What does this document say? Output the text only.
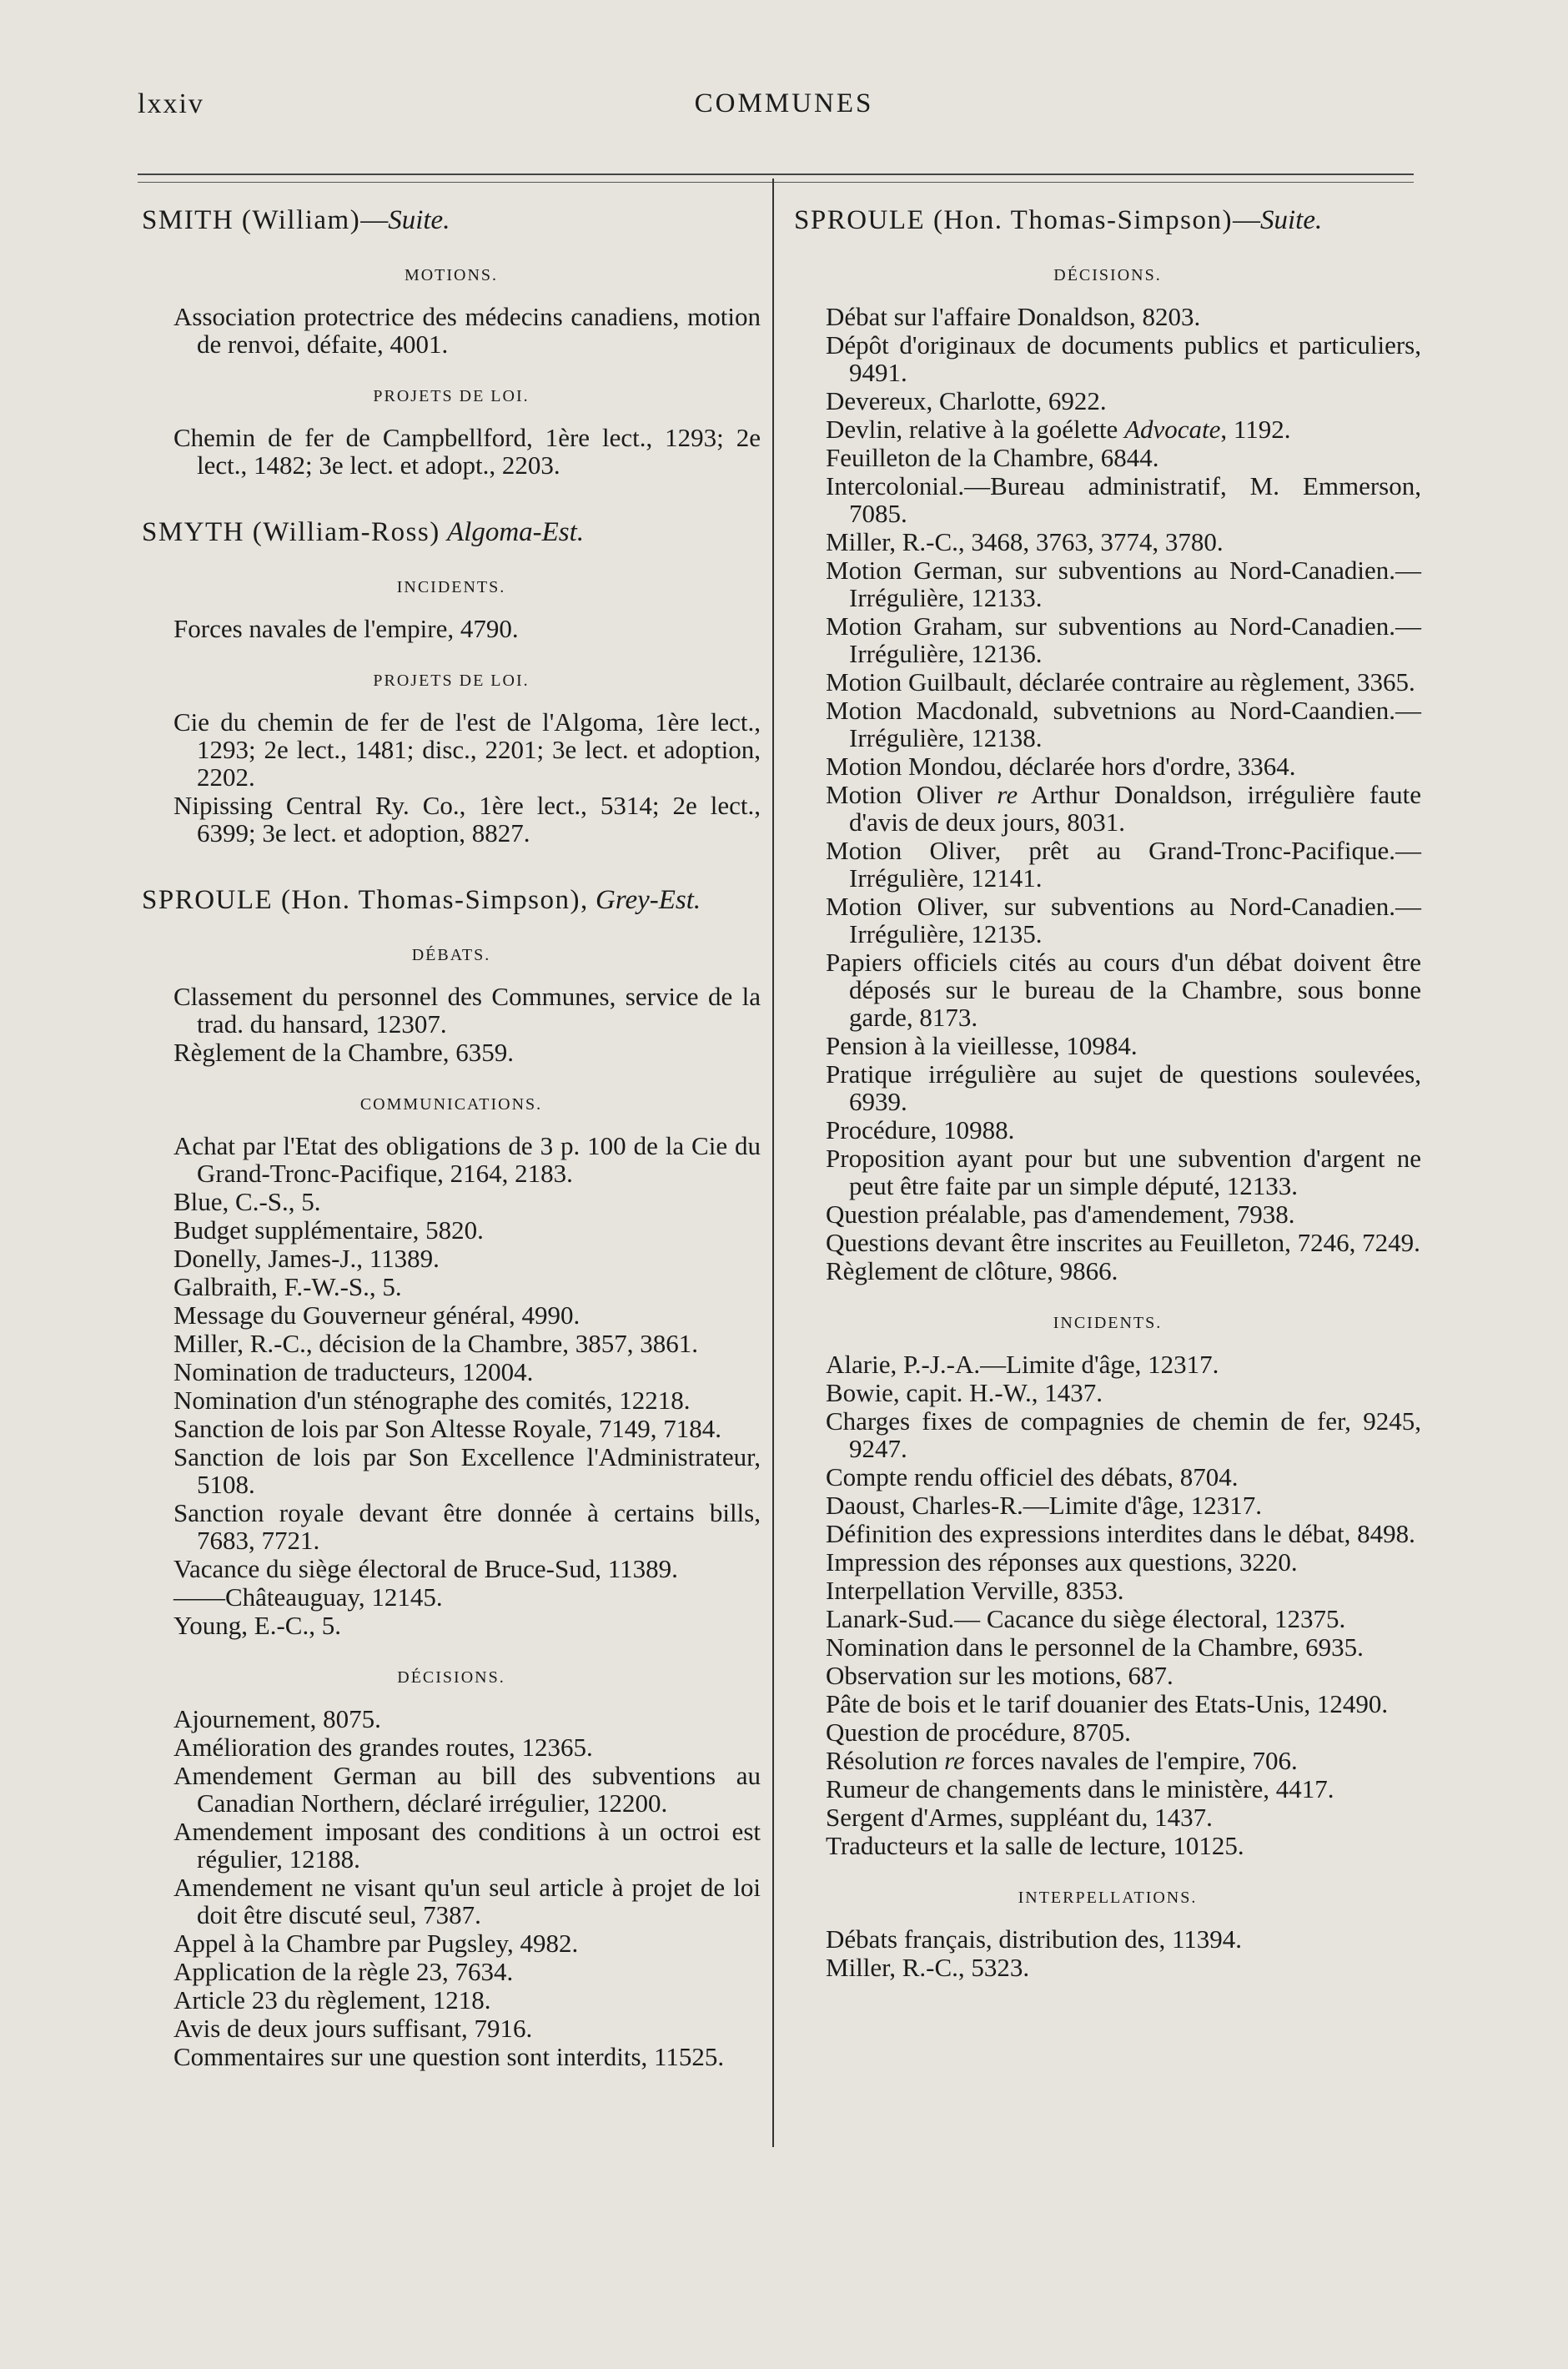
lxxiv	COMMUNES
SMITH (William)—Suite.
MOTIONS.
Association protectrice des médecins canadiens, motion de renvoi, défaite, 4001.
PROJETS DE LOI.
Chemin de fer de Campbellford, 1ère lect., 1293; 2e lect., 1482; 3e lect. et adopt., 2203.
SMYTH (William-Ross) Algoma-Est.
INCIDENTS.
Forces navales de l'empire, 4790.
PROJETS DE LOI.
Cie du chemin de fer de l'est de l'Algoma, 1ère lect., 1293; 2e lect., 1481; disc., 2201; 3e lect. et adoption, 2202.
Nipissing Central Ry. Co., 1ère lect., 5314; 2e lect., 6399; 3e lect. et adoption, 8827.
SPROULE (Hon. Thomas-Simpson), Grey-Est.
DÉBATS.
Classement du personnel des Communes, service de la trad. du hansard, 12307.
Règlement de la Chambre, 6359.
COMMUNICATIONS.
Achat par l'Etat des obligations de 3 p. 100 de la Cie du Grand-Tronc-Pacifique, 2164, 2183.
Blue, C.-S., 5.
Budget supplémentaire, 5820.
Donelly, James-J., 11389.
Galbraith, F.-W.-S., 5.
Message du Gouverneur général, 4990.
Miller, R.-C., décision de la Chambre, 3857, 3861.
Nomination de traducteurs, 12004.
Nomination d'un sténographe des comités, 12218.
Sanction de lois par Son Altesse Royale, 7149, 7184.
Sanction de lois par Son Excellence l'Administrateur, 5108.
Sanction royale devant être donnée à certains bills, 7683, 7721.
Vacance du siège électoral de Bruce-Sud, 11389.
——Châteauguay, 12145.
Young, E.-C., 5.
DÉCISIONS.
Ajournement, 8075.
Amélioration des grandes routes, 12365.
Amendement German au bill des subventions au Canadian Northern, déclaré irrégulier, 12200.
Amendement imposant des conditions à un octroi est régulier, 12188.
Amendement ne visant qu'un seul article à projet de loi doit être discuté seul, 7387.
Appel à la Chambre par Pugsley, 4982.
Application de la règle 23, 7634.
Article 23 du règlement, 1218.
Avis de deux jours suffisant, 7916.
Commentaires sur une question sont interdits, 11525.
SPROULE (Hon. Thomas-Simpson)—Suite.
DÉCISIONS.
Débat sur l'affaire Donaldson, 8203.
Dépôt d'originaux de documents publics et particuliers, 9491.
Devereux, Charlotte, 6922.
Devlin, relative à la goélette Advocate, 1192.
Feuilleton de la Chambre, 6844.
Intercolonial.—Bureau administratif, M. Emmerson, 7085.
Miller, R.-C., 3468, 3763, 3774, 3780.
Motion German, sur subventions au Nord-Canadien.—Irrégulière, 12133.
Motion Graham, sur subventions au Nord-Canadien.—Irrégulière, 12136.
Motion Guilbault, déclarée contraire au règlement, 3365.
Motion Macdonald, subvetnions au Nord-Caandien.—Irrégulière, 12138.
Motion Mondou, déclarée hors d'ordre, 3364.
Motion Oliver re Arthur Donaldson, irrégulière faute d'avis de deux jours, 8031.
Motion Oliver, prêt au Grand-Tronc-Pacifique.—Irrégulière, 12141.
Motion Oliver, sur subventions au Nord-Canadien.—Irrégulière, 12135.
Papiers officiels cités au cours d'un débat doivent être déposés sur le bureau de la Chambre, sous bonne garde, 8173.
Pension à la vieillesse, 10984.
Pratique irrégulière au sujet de questions soulevées, 6939.
Procédure, 10988.
Proposition ayant pour but une subvention d'argent ne peut être faite par un simple député, 12133.
Question préalable, pas d'amendement, 7938.
Questions devant être inscrites au Feuilleton, 7246, 7249.
Règlement de clôture, 9866.
INCIDENTS.
Alarie, P.-J.-A.—Limite d'âge, 12317.
Bowie, capit. H.-W., 1437.
Charges fixes de compagnies de chemin de fer, 9245, 9247.
Compte rendu officiel des débats, 8704.
Daoust, Charles-R.—Limite d'âge, 12317.
Définition des expressions interdites dans le débat, 8498.
Impression des réponses aux questions, 3220.
Interpellation Verville, 8353.
Lanark-Sud.— Cacance du siège électoral, 12375.
Nomination dans le personnel de la Chambre, 6935.
Observation sur les motions, 687.
Pâte de bois et le tarif douanier des Etats-Unis, 12490.
Question de procédure, 8705.
Résolution re forces navales de l'empire, 706.
Rumeur de changements dans le ministère, 4417.
Sergent d'Armes, suppléant du, 1437.
Traducteurs et la salle de lecture, 10125.
INTERPELLATIONS.
Débats français, distribution des, 11394.
Miller, R.-C., 5323.
